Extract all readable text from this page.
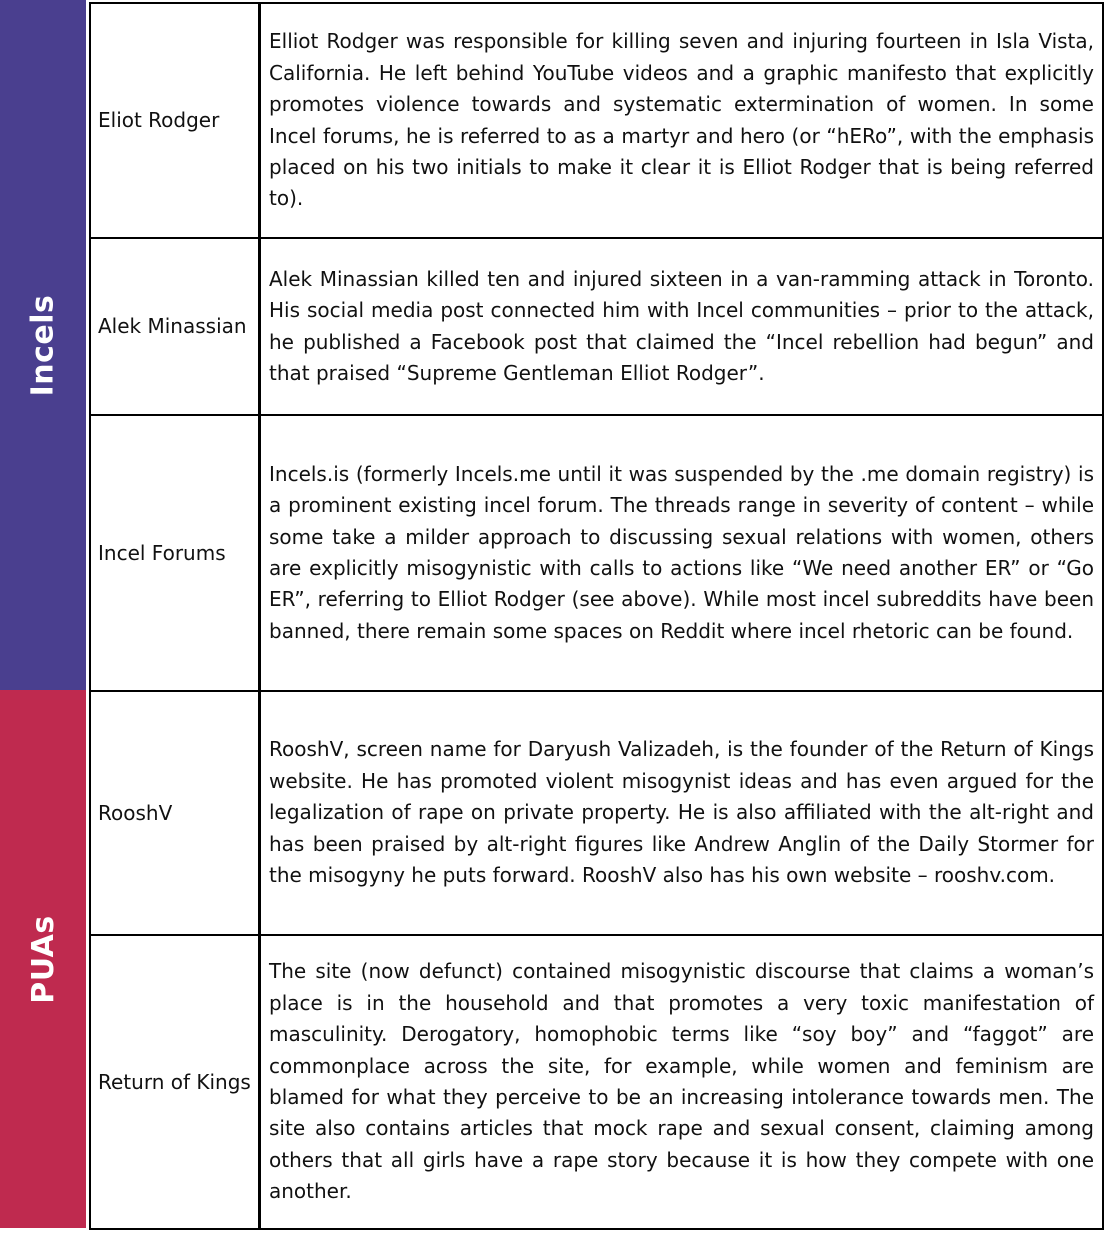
Incels
PUAs
Eliot Rodger

Elliot Rodger was responsible for killing seven and injuring fourteen in Isla Vista, California. He left behind YouTube videos and a graphic manifesto that explicitly promotes violence towards and systematic extermination of women. In some Incel forums, he is referred to as a martyr and hero (or “hERo”, with the emphasis placed on his two initials to make it clear it is Elliot Rodger that is being referred to).

Alek Minassian

Alek Minassian killed ten and injured sixteen in a van-ramming attack in Toronto. His social media post connected him with Incel communities – prior to the attack, he published a Facebook post that claimed the “Incel rebellion had begun” and that praised “Supreme Gentleman Elliot Rodger”.

Incel Forums

Incels.is (formerly Incels.me until it was suspended by the .me domain registry) is a prominent existing incel forum. The threads range in severity of content – while some take a milder approach to discussing sexual relations with women, others are explicitly misogynistic with calls to actions like “We need another ER” or “Go ER”, referring to Elliot Rodger (see above). While most incel subreddits have been banned, there remain some spaces on Reddit where incel rhetoric can be found.

RooshV

RooshV, screen name for Daryush Valizadeh, is the founder of the Return of Kings website. He has promoted violent misogynist ideas and has even argued for the legalization of rape on private property. He is also affiliated with the alt-right and has been praised by alt-right figures like Andrew Anglin of the Daily Stormer for the misogyny he puts forward. RooshV also has his own website – rooshv.com.

Return of Kings

The site (now defunct) contained misogynistic discourse that claims a woman’s place is in the household and that promotes a very toxic manifestation of masculinity. Derogatory, homophobic terms like “soy boy” and “faggot” are commonplace across the site, for example, while women and feminism are blamed for what they perceive to be an increasing intolerance towards men. The site also contains articles that mock rape and sexual consent, claiming among others that all girls have a rape story because it is how they compete with one another.
